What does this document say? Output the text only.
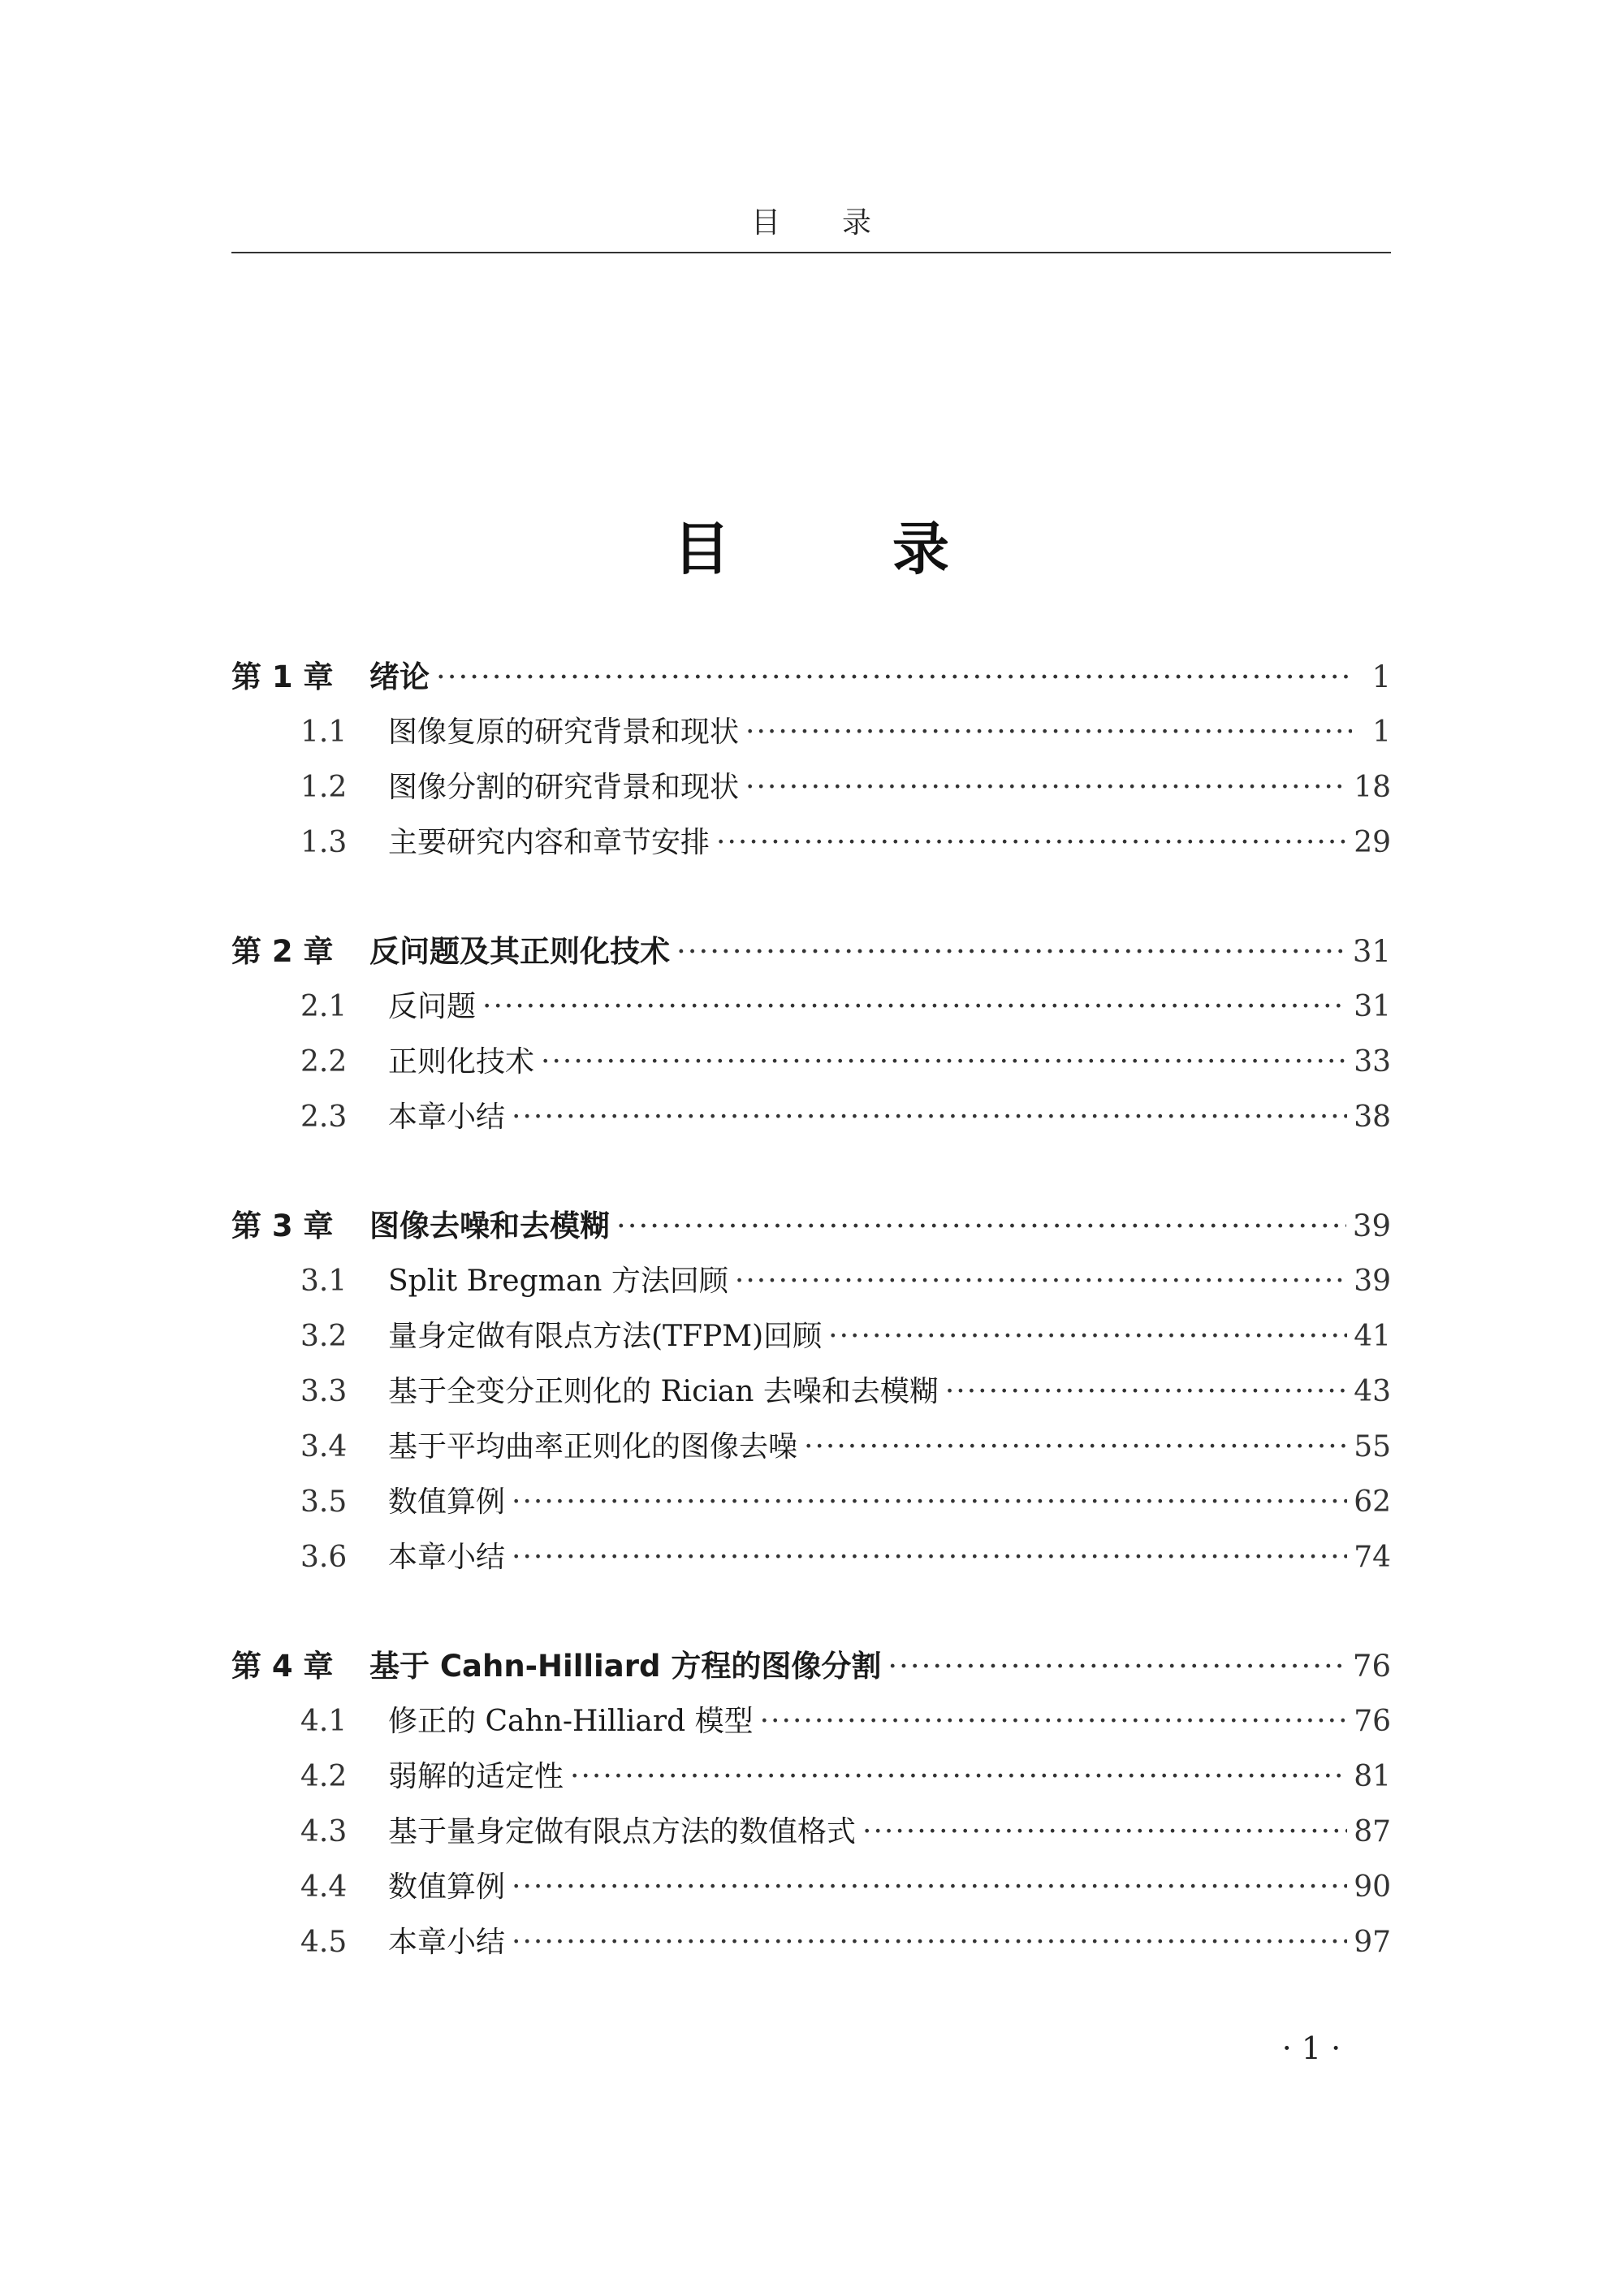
目 录
目	录
第 1 章	绪论 ·····	1
1.1	图像复原的研究背景和现状 ·····	1
1.2	图像分割的研究背景和现状 ·····	18
1.3	主要研究内容和章节安排 ·····	29
第 2 章	反问题及其正则化技术 ·····	31
2.1	反问题 ·····	31
2.2	正则化技术 ·····	33
2.3	本章小结 ·····	38
第 3 章	图像去噪和去模糊 ·····	39
3.1	Split Bregman 方法回顾 ·····	39
3.2	量身定做有限点方法(TFPM)回顾 ·····	41
3.3	基于全变分正则化的 Rician 去噪和去模糊 ·····	43
3.4	基于平均曲率正则化的图像去噪 ·····	55
3.5	数值算例 ·····	62
3.6	本章小结 ·····	74
第 4 章	基于 Cahn-Hilliard 方程的图像分割 ·····	76
4.1	修正的 Cahn-Hilliard 模型 ·····	76
4.2	弱解的适定性 ·····	81
4.3	基于量身定做有限点方法的数值格式 ·····	87
4.4	数值算例 ·····	90
4.5	本章小结 ·····	97
· 1 ·
